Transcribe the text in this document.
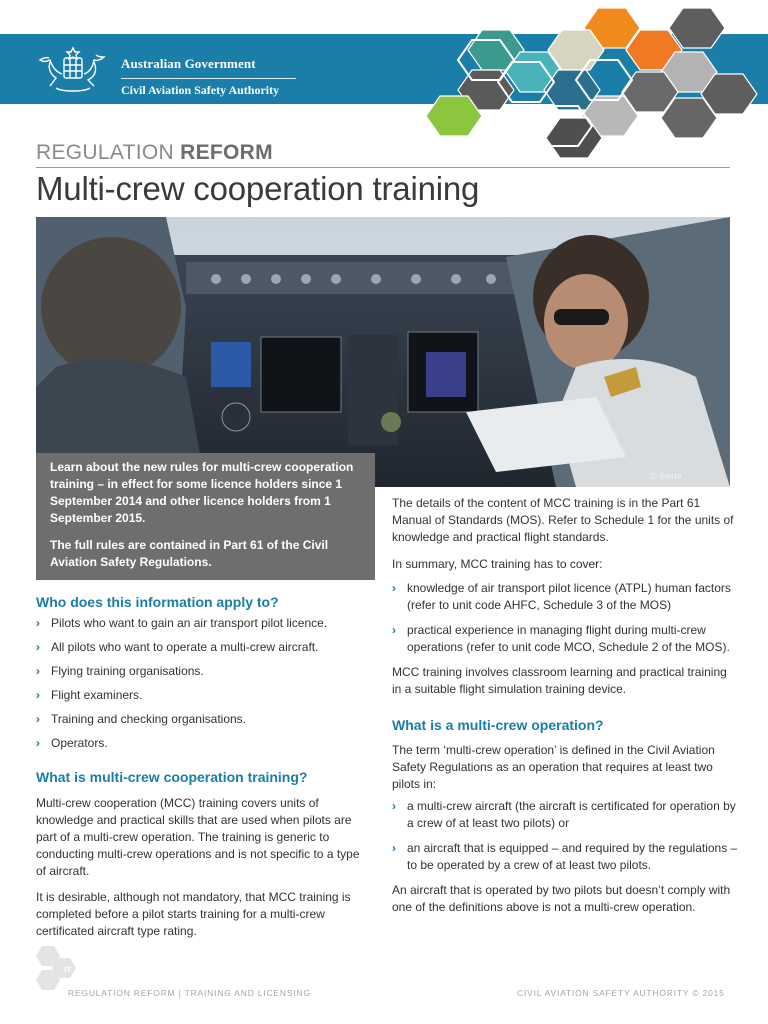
Australian Government
Civil Aviation Safety Authority
REGULATION REFORM
Multi-crew cooperation training
© Iberia

Learn about the new rules for multi-crew cooperation training – in effect for some licence holders since 1 September 2014 and other licence holders from 1 September 2015.

The full rules are contained in Part 61 of the Civil Aviation Safety Regulations.

Who does this information apply to?
› Pilots who want to gain an air transport pilot licence.
› All pilots who want to operate a multi-crew aircraft.
› Flying training organisations.
› Flight examiners.
› Training and checking organisations.
› Operators.
What is multi-crew cooperation training?

Multi-crew cooperation (MCC) training covers units of knowledge and practical skills that are used when pilots are part of a multi-crew operation. The training is generic to conducting multi-crew operations and is not specific to a type of aircraft.

It is desirable, although not mandatory, that MCC training is completed before a pilot starts training for a multi-crew certificated aircraft type rating.

The details of the content of MCC training is in the Part 61 Manual of Standards (MOS). Refer to Schedule 1 for the units of knowledge and practical flight standards.

In summary, MCC training has to cover:

› knowledge of air transport pilot licence (ATPL) human factors (refer to unit code AHFC, Schedule 3 of the MOS)
› practical experience in managing flight during multi-crew operations (refer to unit code MCO, Schedule 2 of the MOS).

MCC training involves classroom learning and practical training in a suitable flight simulation training device.

What is a multi-crew operation?

The term ‘multi-crew operation’ is defined in the Civil Aviation Safety Regulations as an operation that requires at least two pilots in:

› a multi-crew aircraft (the aircraft is certificated for operation by a crew of at least two pilots) or
› an aircraft that is equipped – and required by the regulations – to be operated by a crew of at least two pilots.

An aircraft that is operated by two pilots but doesn’t comply with one of the definitions above is not a multi-crew operation.

rr
REGULATION REFORM | TRAINING AND LICENSING	CIVIL AVIATION SAFETY AUTHORITY © 2015
